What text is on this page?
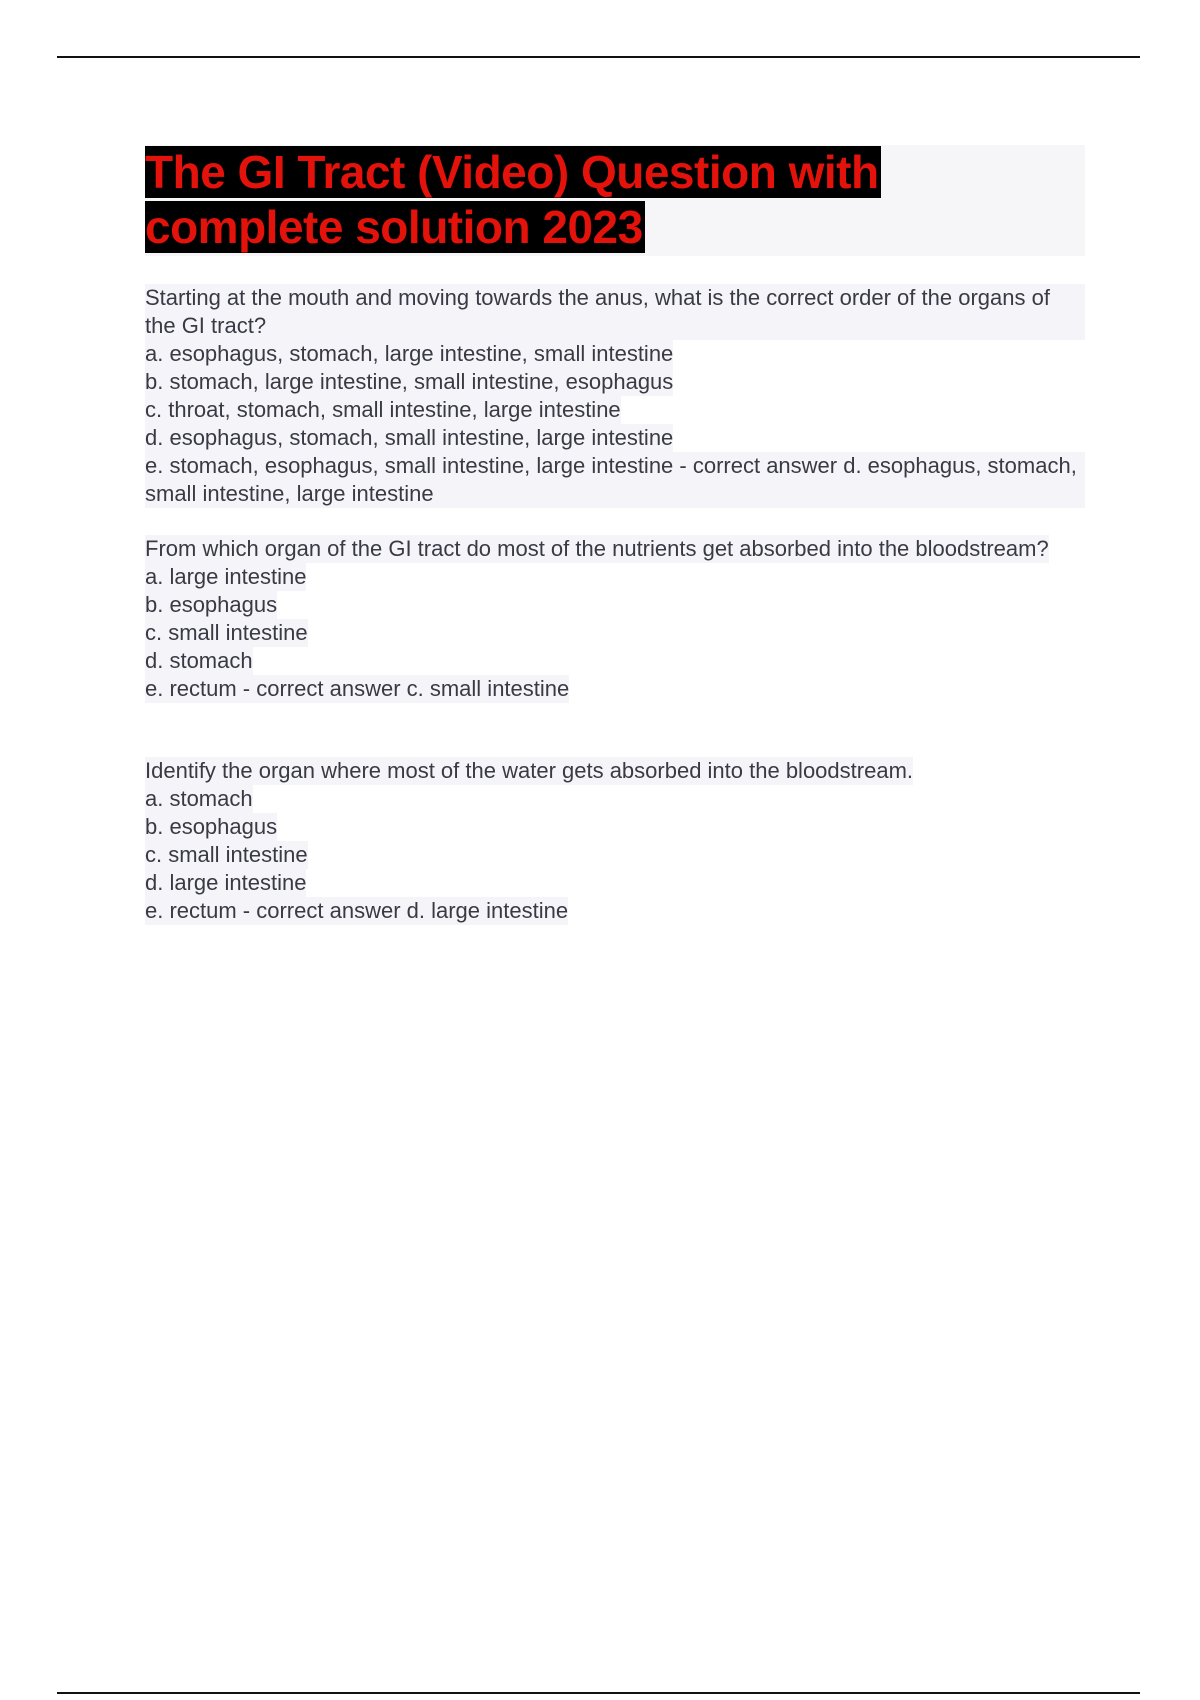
The GI Tract (Video) Question with complete solution 2023
Starting at the mouth and moving towards the anus, what is the correct order of the organs of the GI tract?
a. esophagus, stomach, large intestine, small intestine
b. stomach, large intestine, small intestine, esophagus
c. throat, stomach, small intestine, large intestine
d. esophagus, stomach, small intestine, large intestine
e. stomach, esophagus, small intestine, large intestine - correct answer d. esophagus, stomach, small intestine, large intestine
From which organ of the GI tract do most of the nutrients get absorbed into the bloodstream?
a. large intestine
b. esophagus
c. small intestine
d. stomach
e. rectum - correct answer c. small intestine
Identify the organ where most of the water gets absorbed into the bloodstream.
a. stomach
b. esophagus
c. small intestine
d. large intestine
e. rectum - correct answer d. large intestine
